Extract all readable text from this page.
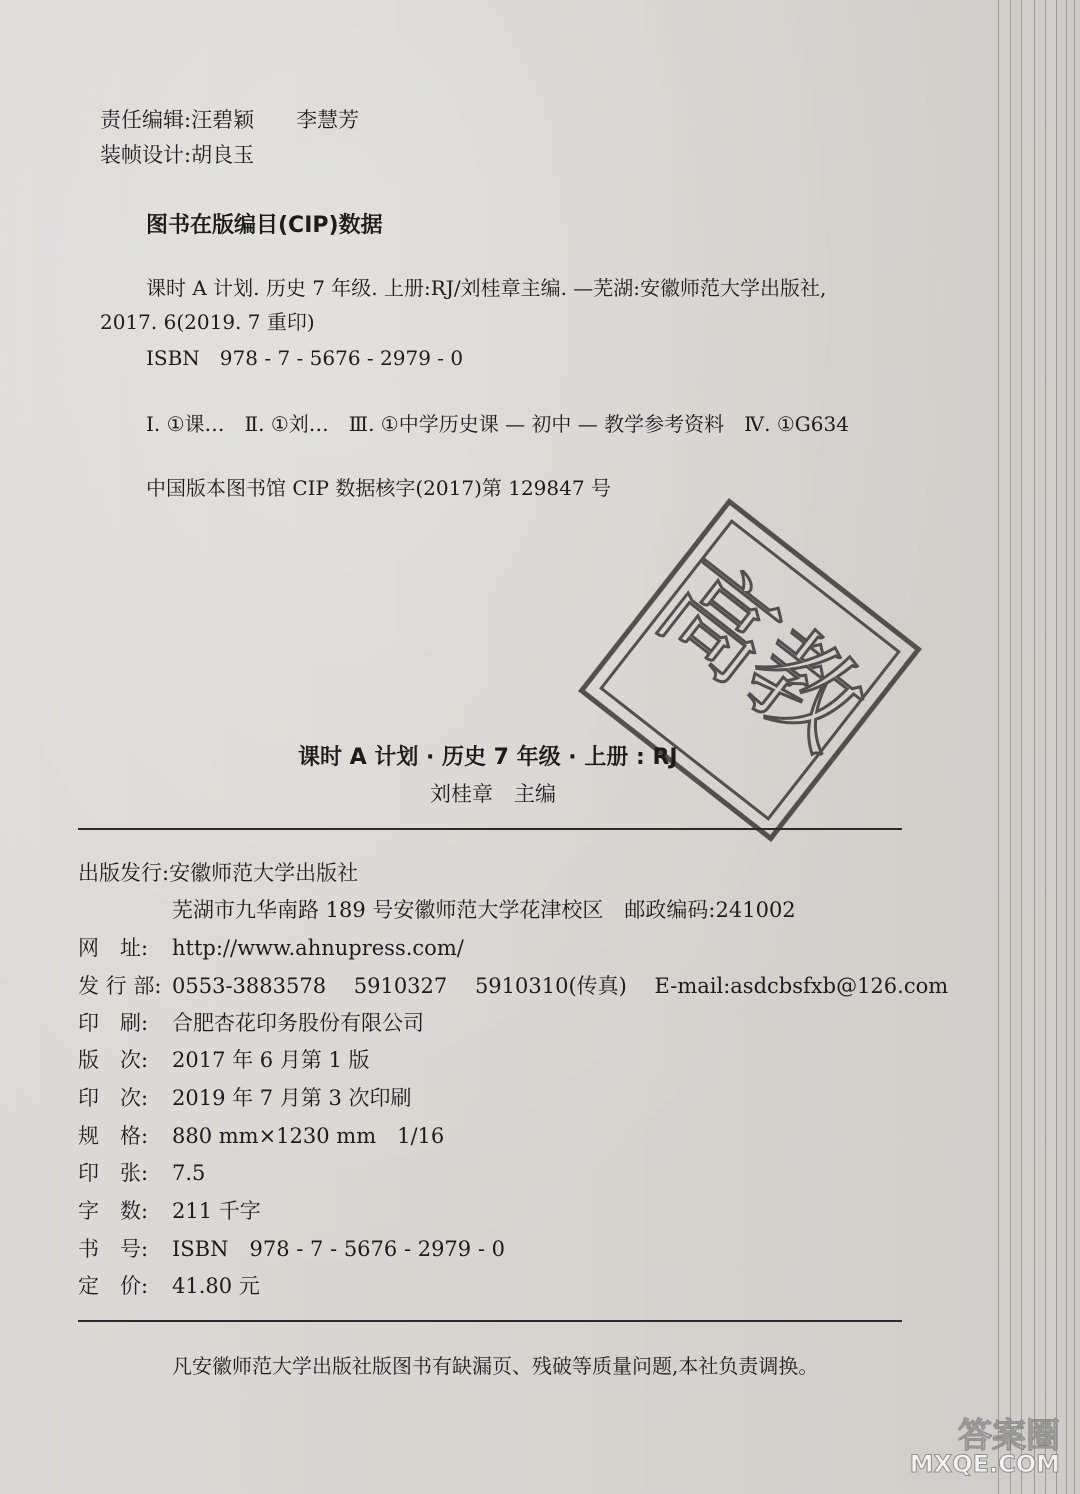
责任编辑:汪碧颖　　李慧芳
装帧设计:胡良玉
图书在版编目(CIP)数据
课时 A 计划. 历史 7 年级. 上册:RJ/刘桂章主编. —芜湖:安徽师范大学出版社,
2017. 6(2019. 7 重印)
ISBN　978 - 7 - 5676 - 2979 - 0
Ⅰ. ①课…　Ⅱ. ①刘…　Ⅲ. ①中学历史课 — 初中 — 教学参考资料　Ⅳ. ①G634
中国版本图书馆 CIP 数据核字(2017)第 129847 号
高教
课时 A 计划 · 历史 7 年级 · 上册 : RJ
刘桂章　主编
出版发行:安徽师范大学出版社
芜湖市九华南路 189 号安徽师范大学花津校区　邮政编码:241002
网　址: http://www.ahnupress.com/
发 行 部: 0553-3883578　 5910327　 5910310(传真)　 E-mail:asdcbsfxb@126.com
印　刷: 合肥杏花印务股份有限公司
版　次: 2017 年 6 月第 1 版
印　次: 2019 年 7 月第 3 次印刷
规　格: 880 mm×1230 mm　1/16
印　张: 7.5
字　数: 211 千字
书　号: ISBN　978 - 7 - 5676 - 2979 - 0
定　价: 41.80 元
凡安徽师范大学出版社版图书有缺漏页、残破等质量问题,本社负责调换。
答案圈
MXQE.COM
